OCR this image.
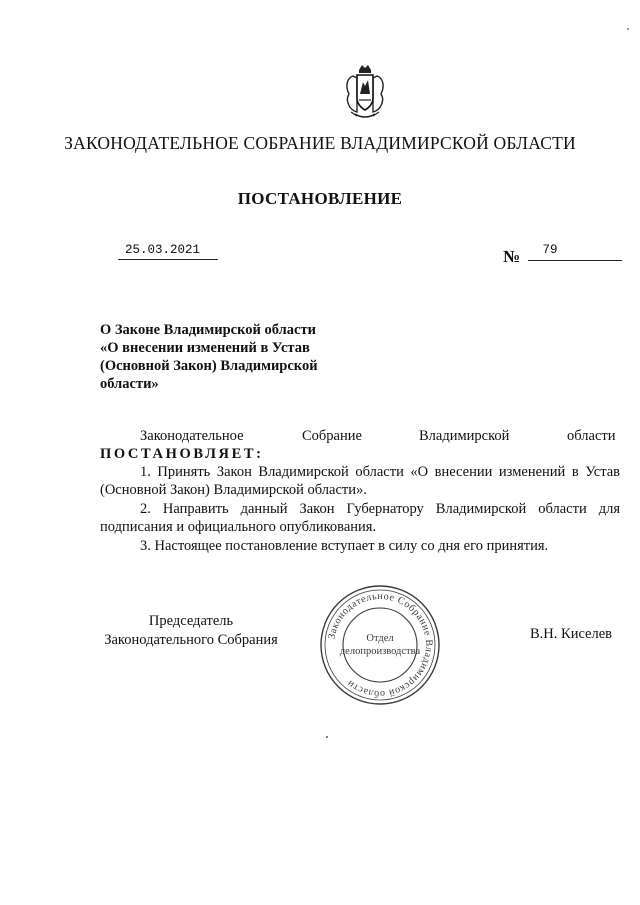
ЗАКОНОДАТЕЛЬНОЕ СОБРАНИЕ ВЛАДИМИРСКОЙ ОБЛАСТИ
ПОСТАНОВЛЕНИЕ
25.03.2021	№	79
О Законе Владимирской области
«О внесении изменений в Устав
(Основной Закон) Владимирской
области»
Законодательное	Собрание	Владимирской	области
ПОСТАНОВЛЯЕТ:

1. Принять Закон Владимирской области «О внесении изменений в Устав (Основной Закон) Владимирской области».

2. Направить данный Закон Губернатору Владимирской области для подписания и официального опубликования.

3. Настоящее постановление вступает в силу со дня его принятия.

Председатель
Законодательного Собрания	Законодательное Собрание Владимирской области
Отдел
делопроизводства
В.Н. Киселев
